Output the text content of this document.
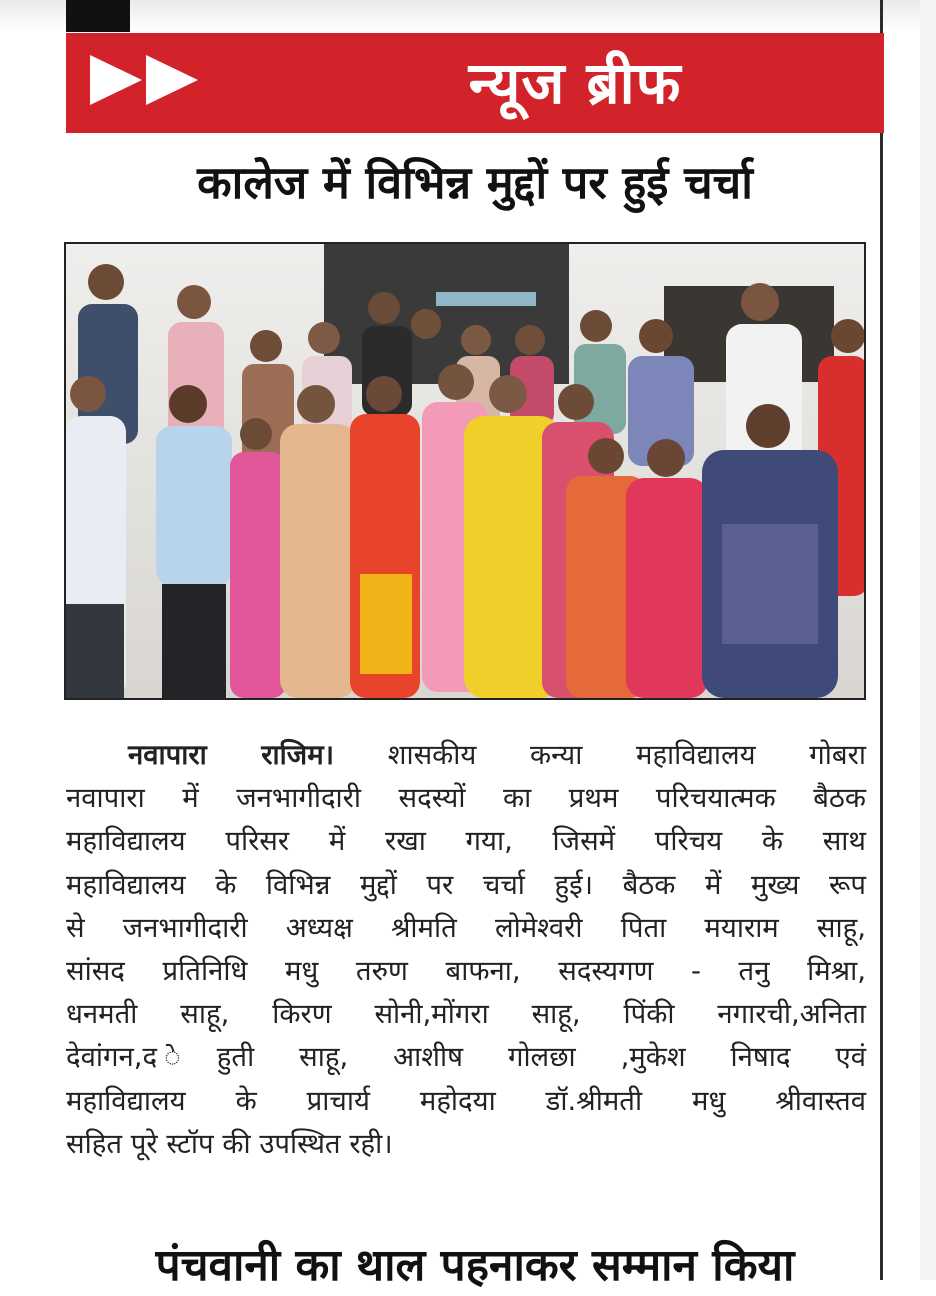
न्यूज ब्रीफ
कालेज में विभिन्न मुद्दों पर हुई चर्चा
नवापारा राजिम। शासकीय कन्या महाविद्यालय गोबरा
नवापारा में जनभागीदारी सदस्यों का प्रथम परिचयात्मक बैठक
महाविद्यालय परिसर में रखा गया, जिसमें परिचय के साथ
महाविद्यालय के विभिन्न मुद्दों पर चर्चा हुई। बैठक में मुख्य रूप
से जनभागीदारी अध्यक्ष श्रीमति लोमेश्वरी पिता मयाराम साहू,
सांसद प्रतिनिधि मधु तरुण बाफना, सदस्यगण - तनु मिश्रा,
धनमती साहू, किरण सोनी,मोंगरा साहू, पिंकी नगारची,अनिता
देवांगन,द ेहुती साहू, आशीष गोलछा ,मुकेश निषाद एवं
महाविद्यालय के प्राचार्य महोदया डॉ.श्रीमती मधु श्रीवास्तव
सहित पूरे स्टॉप की उपस्थित रही।
पंचवानी का थाल पहनाकर सम्मान किया
